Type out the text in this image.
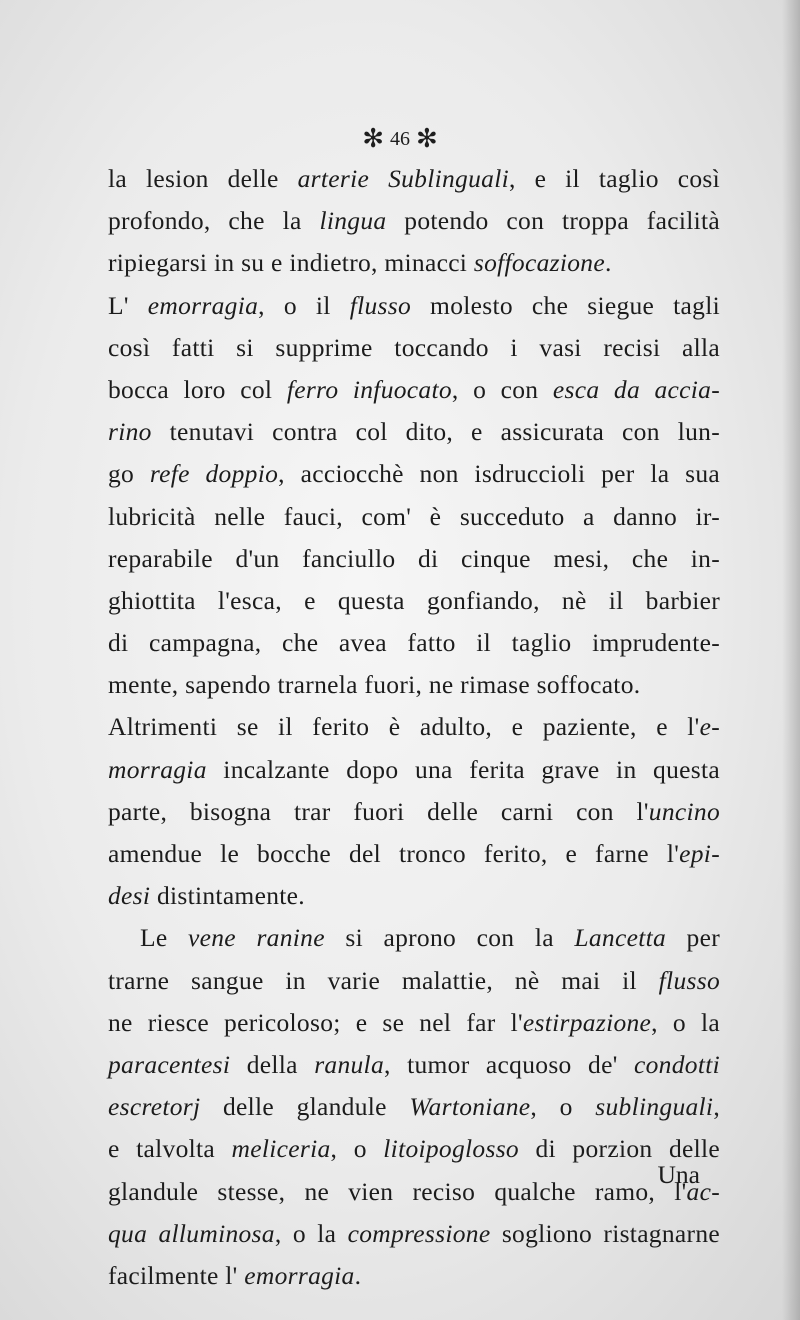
✻ 46 ✻
la lesion delle arterie Sublinguali, e il taglio così
profondo, che la lingua potendo con troppa facilità
ripiegarsi in su e indietro, minacci soffocazione.
L' emorragia, o il flusso molesto che siegue tagli
così fatti si supprime toccando i vasi recisi alla
bocca loro col ferro infuocato, o con esca da accia-
rino tenutavi contra col dito, e assicurata con lun-
go refe doppio, acciocchè non isdruccioli per la sua
lubricità nelle fauci, com' è succeduto a danno ir-
reparabile d'un fanciullo di cinque mesi, che in-
ghiottita l'esca, e questa gonfiando, nè il barbier
di campagna, che avea fatto il taglio imprudente-
mente, sapendo trarnela fuori, ne rimase soffocato.
Altrimenti se il ferito è adulto, e paziente, e l'e-
morragia incalzante dopo una ferita grave in questa
parte, bisogna trar fuori delle carni con l'uncino
amendue le bocche del tronco ferito, e farne l'epi-
desi distintamente.
Le vene ranine si aprono con la Lancetta per
trarne sangue in varie malattie, nè mai il flusso
ne riesce pericoloso; e se nel far l'estirpazione, o la
paracentesi della ranula, tumor acquoso de' condotti
escretorj delle glandule Wartoniane, o sublinguali,
e talvolta meliceria, o litoipoglosso di porzion delle
glandule stesse, ne vien reciso qualche ramo, l'ac-
qua alluminosa, o la compressione sogliono ristagnarne
facilmente l' emorragia.
Una
